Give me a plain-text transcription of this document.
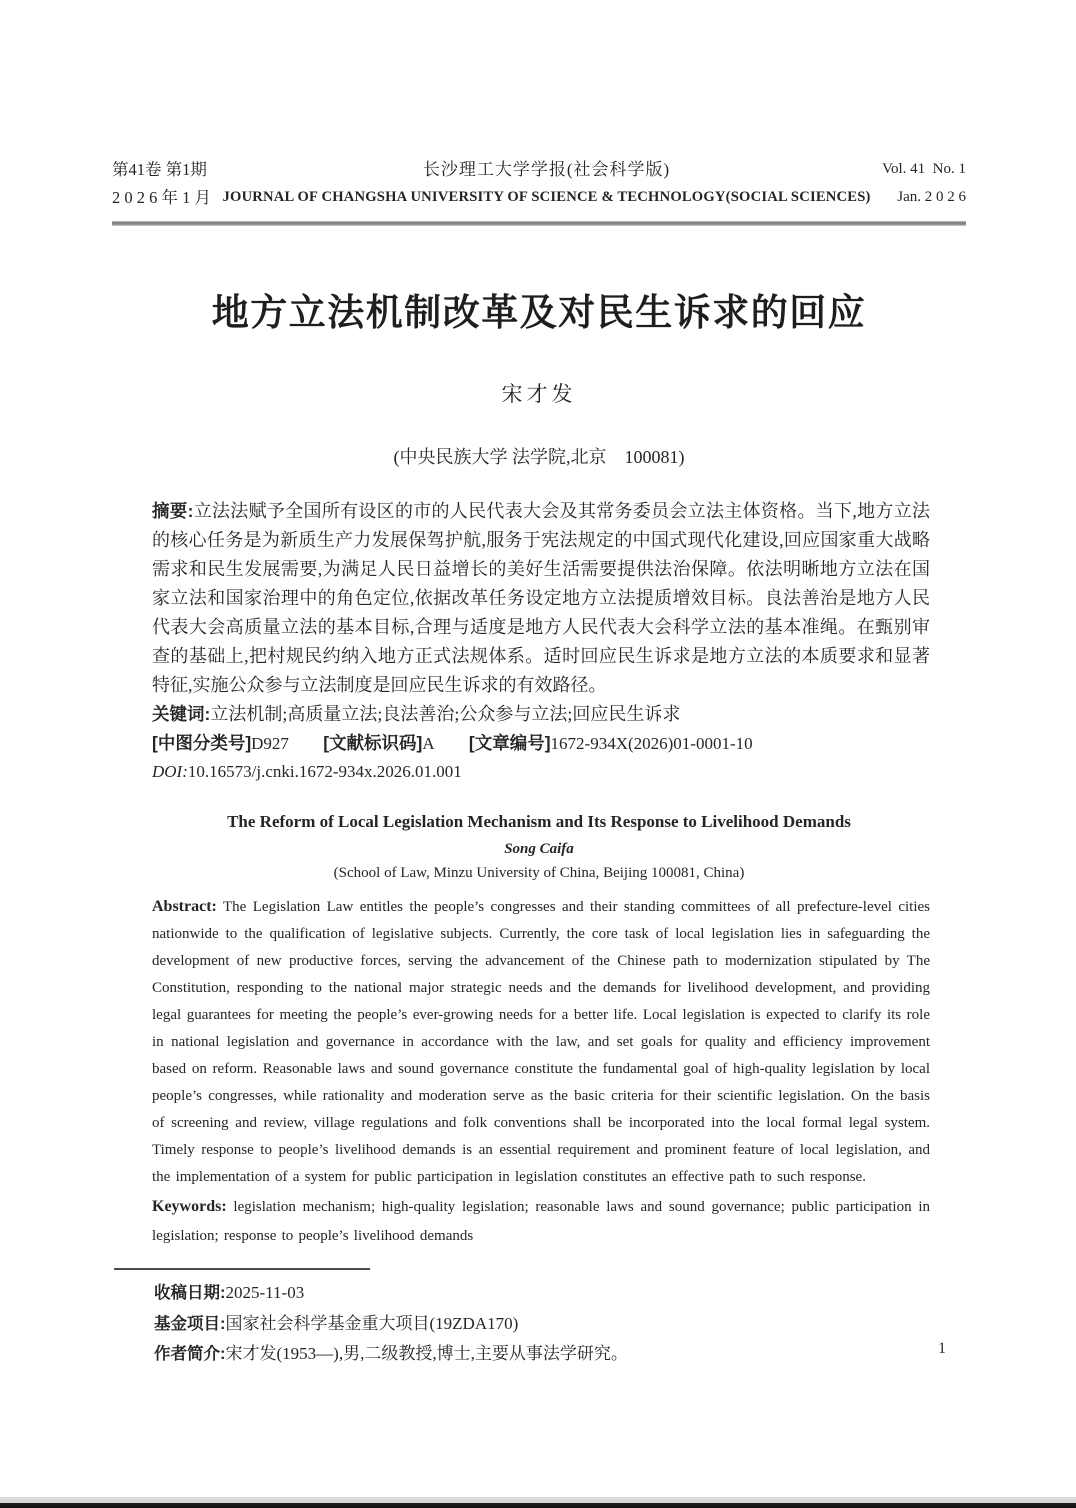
第41卷 第1期
2 0 2 6 年 1 月
长沙理工大学学报(社会科学版)
JOURNAL OF CHANGSHA UNIVERSITY OF SCIENCE & TECHNOLOGY(SOCIAL SCIENCES)
Vol. 41  No. 1
Jan. 2 0 2 6
地方立法机制改革及对民生诉求的回应
宋才发
(中央民族大学 法学院,北京　100081)

摘要:立法法赋予全国所有设区的市的人民代表大会及其常务委员会立法主体资格。当下,地方立法的核心任务是为新质生产力发展保驾护航,服务于宪法规定的中国式现代化建设,回应国家重大战略需求和民生发展需要,为满足人民日益增长的美好生活需要提供法治保障。依法明晰地方立法在国家立法和国家治理中的角色定位,依据改革任务设定地方立法提质增效目标。良法善治是地方人民代表大会高质量立法的基本目标,合理与适度是地方人民代表大会科学立法的基本准绳。在甄别审查的基础上,把村规民约纳入地方正式法规体系。适时回应民生诉求是地方立法的本质要求和显著特征,实施公众参与立法制度是回应民生诉求的有效路径。

关键词:立法机制;高质量立法;良法善治;公众参与立法;回应民生诉求

[中图分类号]D927 [文献标识码]A [文章编号]1672-934X(2026)01-0001-10

DOI:10.16573/j.cnki.1672-934x.2026.01.001

The Reform of Local Legislation Mechanism and Its Response to Livelihood Demands
Song Caifa
(School of Law, Minzu University of China, Beijing 100081, China)

Abstract: The Legislation Law entitles the people’s congresses and their standing committees of all prefecture-level cities nationwide to the qualification of legislative subjects. Currently, the core task of local legislation lies in safeguarding the development of new productive forces, serving the advancement of the Chinese path to modernization stipulated by The Constitution, responding to the national major strategic needs and the demands for livelihood development, and providing legal guarantees for meeting the people’s ever-growing needs for a better life. Local legislation is expected to clarify its role in national legislation and governance in accordance with the law, and set goals for quality and efficiency improvement based on reform. Reasonable laws and sound governance constitute the fundamental goal of high-quality legislation by local people’s congresses, while rationality and moderation serve as the basic criteria for their scientific legislation. On the basis of screening and review, village regulations and folk conventions shall be incorporated into the local formal legal system. Timely response to people’s livelihood demands is an essential requirement and prominent feature of local legislation, and the implementation of a system for public participation in legislation constitutes an effective path to such response.

Keywords: legislation mechanism; high-quality legislation; reasonable laws and sound governance; public participation in legislation; response to people’s livelihood demands

收稿日期:2025-11-03
基金项目:国家社会科学基金重大项目(19ZDA170)
作者简介:宋才发(1953—),男,二级教授,博士,主要从事法学研究。	1
